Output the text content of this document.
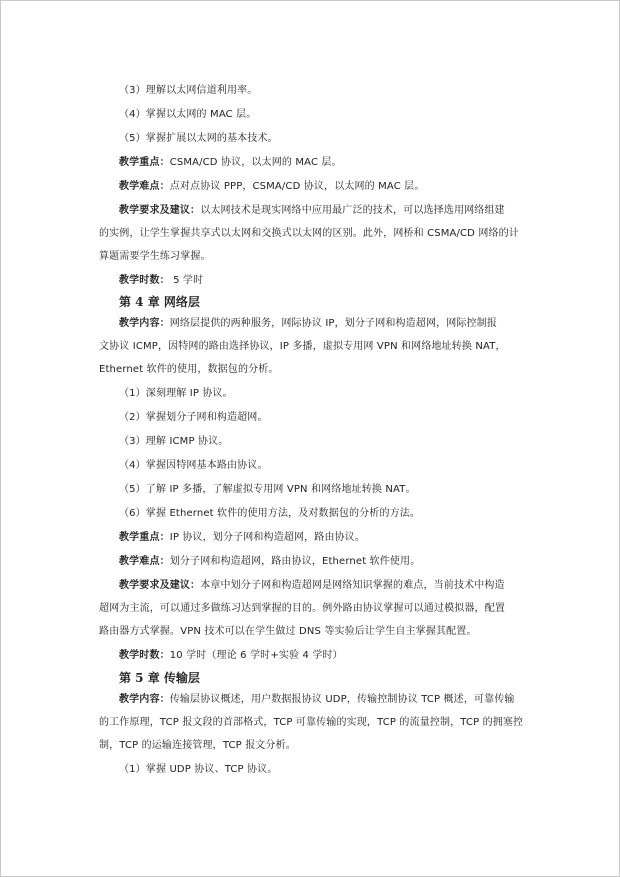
（3）理解以太网信道利用率。
（4）掌握以太网的 MAC 层。
（5）掌握扩展以太网的基本技术。
教学重点：CSMA/CD 协议，以太网的 MAC 层。
教学难点：点对点协议 PPP，CSMA/CD 协议，以太网的 MAC 层。
教学要求及建议：以太网技术是现实网络中应用最广泛的技术，可以选择选用网络组建
的实例，让学生掌握共享式以太网和交换式以太网的区别。此外，网桥和 CSMA/CD 网络的计
算题需要学生练习掌握。
教学时数： 5 学时
第 4 章 网络层
教学内容：网络层提供的两种服务，网际协议 IP，划分子网和构造超网，网际控制报
文协议 ICMP，因特网的路由选择协议，IP 多播，虚拟专用网 VPN 和网络地址转换 NAT，
Ethernet 软件的使用，数据包的分析。
（1）深刻理解 IP 协议。
（2）掌握划分子网和构造超网。
（3）理解 ICMP 协议。
（4）掌握因特网基本路由协议。
（5）了解 IP 多播，了解虚拟专用网 VPN 和网络地址转换 NAT。
（6）掌握 Ethernet 软件的使用方法，及对数据包的分析的方法。
教学重点：IP 协议，划分子网和构造超网，路由协议。
教学难点：划分子网和构造超网，路由协议，Ethernet 软件使用。
教学要求及建议：本章中划分子网和构造超网是网络知识掌握的难点，当前技术中构造
超网为主流，可以通过多做练习达到掌握的目的。例外路由协议掌握可以通过模拟器，配置
路由器方式掌握。VPN 技术可以在学生做过 DNS 等实验后让学生自主掌握其配置。
教学时数：10 学时（理论 6 学时+实验 4 学时）
第 5 章 传输层
教学内容：传输层协议概述，用户数据报协议 UDP，传输控制协议 TCP 概述，可靠传输
的工作原理，TCP 报文段的首部格式，TCP 可靠传输的实现，TCP 的流量控制，TCP 的拥塞控
制，TCP 的运输连接管理，TCP 报文分析。
（1）掌握 UDP 协议、TCP 协议。
